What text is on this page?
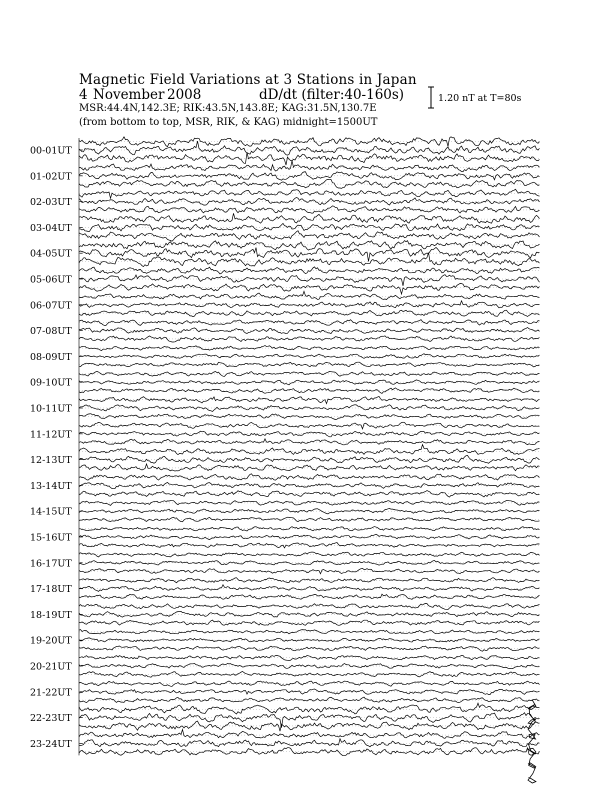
Magnetic Field Variations at 3 Stations in Japan
4 November 2008	dD/dt (filter:40-160s)
MSR:44.4N,142.3E; RIK:43.5N,143.8E; KAG:31.5N,130.7E
(from bottom to top, MSR, RIK, & KAG) midnight=1500UT
1.20 nT at T=80s
00-01UT
01-02UT
02-03UT
03-04UT
04-05UT
05-06UT
06-07UT
07-08UT
08-09UT
09-10UT
10-11UT
11-12UT
12-13UT
13-14UT
14-15UT
15-16UT
16-17UT
17-18UT
18-19UT
19-20UT
20-21UT
21-22UT
22-23UT
23-24UT
